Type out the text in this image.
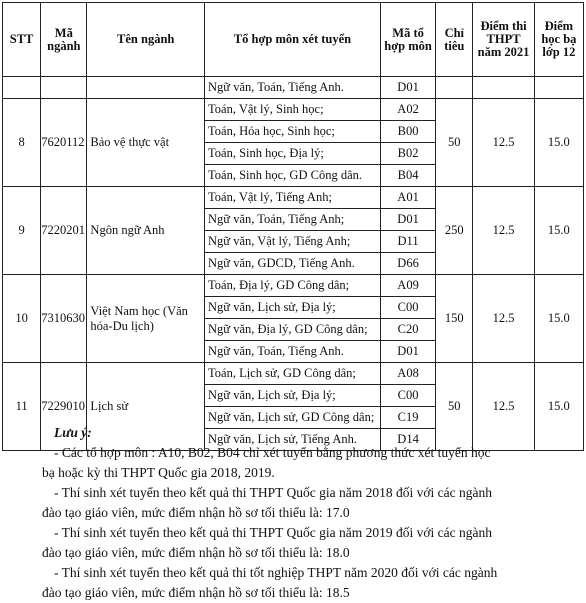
STT	Mã ngành	Tên ngành	Tổ hợp môn xét tuyển	Mã tổ hợp môn	Chỉ tiêu	Điểm thi THPT năm 2021	Điểm học bạ lớp 12
			Ngữ văn, Toán, Tiếng Anh.	D01			
8	7620112	Bảo vệ thực vật	Toán, Vật lý, Sinh học;	A02	50	12.5	15.0
			Toán, Hóa học, Sinh học;	B00			
			Toán, Sinh học, Địa lý;	B02			
			Toán, Sinh học, GD Công dân.	B04			
9	7220201	Ngôn ngữ Anh	Toán, Vật lý, Tiếng Anh;	A01	250	12.5	15.0
			Ngữ văn, Toán, Tiếng Anh;	D01			
			Ngữ văn, Vật lý, Tiếng Anh;	D11			
			Ngữ văn, GDCD, Tiếng Anh.	D66			
10	7310630	Việt Nam học (Văn hóa-Du lịch)	Toán, Địa lý, GD Công dân;	A09	150	12.5	15.0
			Ngữ văn, Lịch sử, Địa lý;	C00			
			Ngữ văn, Địa lý, GD Công dân;	C20			
			Ngữ văn, Toán, Tiếng Anh.	D01			
11	7229010	Lịch sử	Toán, Lịch sử, GD Công dân;	A08	50	12.5	15.0
			Ngữ văn, Lịch sử, Địa lý;	C00			
			Ngữ văn, Lịch sử, GD Công dân;	C19			
			Ngữ văn, Lịch sử, Tiếng Anh.	D14			
Lưu ý:
- Các tổ hợp môn : A10, B02, B04 chỉ xét tuyển bằng phương thức xét tuyển học
bạ hoặc kỳ thi THPT Quốc gia 2018, 2019.
- Thí sinh xét tuyển theo kết quả thi THPT Quốc gia năm 2018 đối với các ngành
đào tạo giáo viên, mức điểm nhận hồ sơ tối thiểu là: 17.0
- Thí sinh xét tuyển theo kết quả thi THPT Quốc gia năm 2019 đối với các ngành
đào tạo giáo viên, mức điểm nhận hồ sơ tối thiểu là: 18.0
- Thí sinh xét tuyển theo kết quả thi tốt nghiệp THPT năm 2020 đối với các ngành
đào tạo giáo viên, mức điểm nhận hồ sơ tối thiểu là: 18.5
